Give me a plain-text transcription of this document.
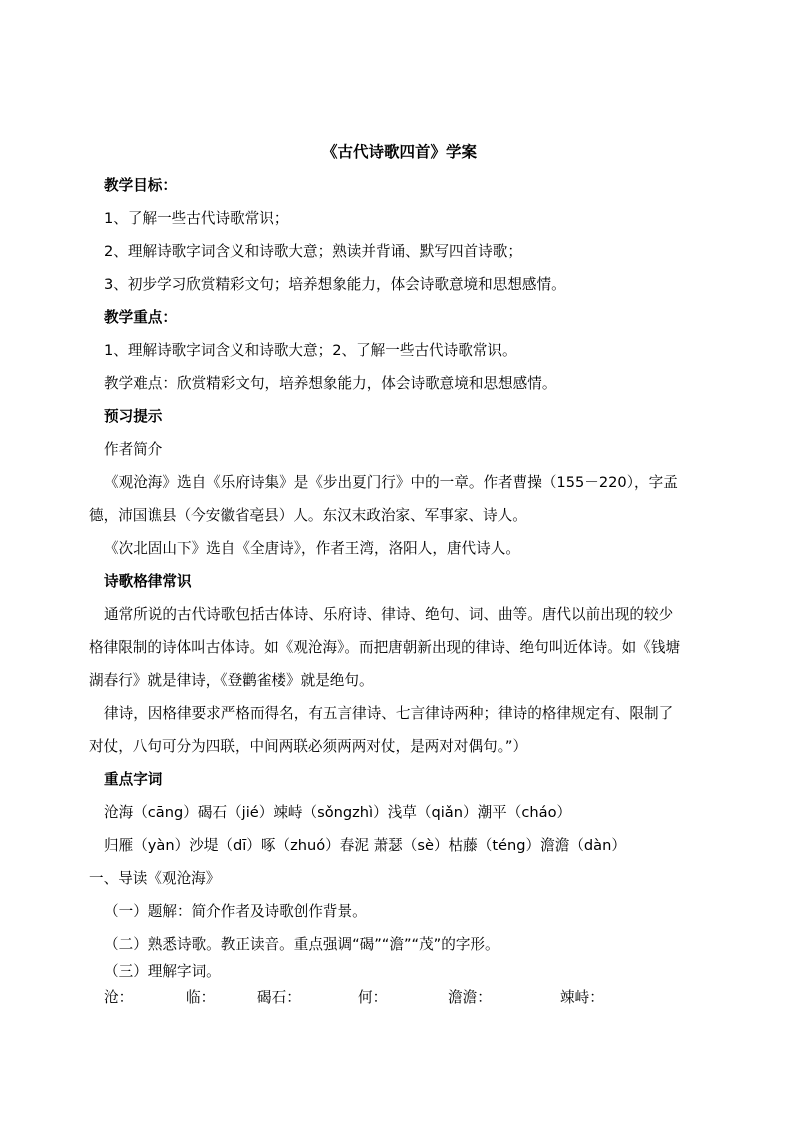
《古代诗歌四首》学案
教学目标：
1、了解一些古代诗歌常识；
2、理解诗歌字词含义和诗歌大意；熟读并背诵、默写四首诗歌；
3、初步学习欣赏精彩文句；培养想象能力，体会诗歌意境和思想感情。
教学重点：
1、理解诗歌字词含义和诗歌大意；2、了解一些古代诗歌常识。
教学难点：欣赏精彩文句，培养想象能力，体会诗歌意境和思想感情。
预习提示
作者简介
《观沧海》选自《乐府诗集》是《步出夏门行》中的一章。作者曹操（155－220），字孟
德，沛国谯县（今安徽省亳县）人。东汉末政治家、军事家、诗人。
《次北固山下》选自《全唐诗》，作者王湾，洛阳人，唐代诗人。
诗歌格律常识
通常所说的古代诗歌包括古体诗、乐府诗、律诗、绝句、词、曲等。唐代以前出现的较少
格律限制的诗体叫古体诗。如《观沧海》。而把唐朝新出现的律诗、绝句叫近体诗。如《钱塘
湖春行》就是律诗，《登鹳雀楼》就是绝句。
律诗，因格律要求严格而得名，有五言律诗、七言律诗两种；律诗的格律规定有、限制了
对仗，八句可分为四联，中间两联必须两两对仗，是两对对偶句。”）
重点字词
沧海（cāng）碣石（jié）竦峙（sǒngzhì）浅草（qiǎn）潮平（cháo）
归雁（yàn）沙堤（dī）啄（zhuó）春泥 萧瑟（sè）枯藤（téng）澹澹（dàn）
一、导读《观沧海》
（一）题解：简介作者及诗歌创作背景。
（二）熟悉诗歌。教正读音。重点强调“碣”“澹”“茂”的字形。
（三）理解字词。
沧：	临：	碣石：	何：	澹澹：	竦峙：
